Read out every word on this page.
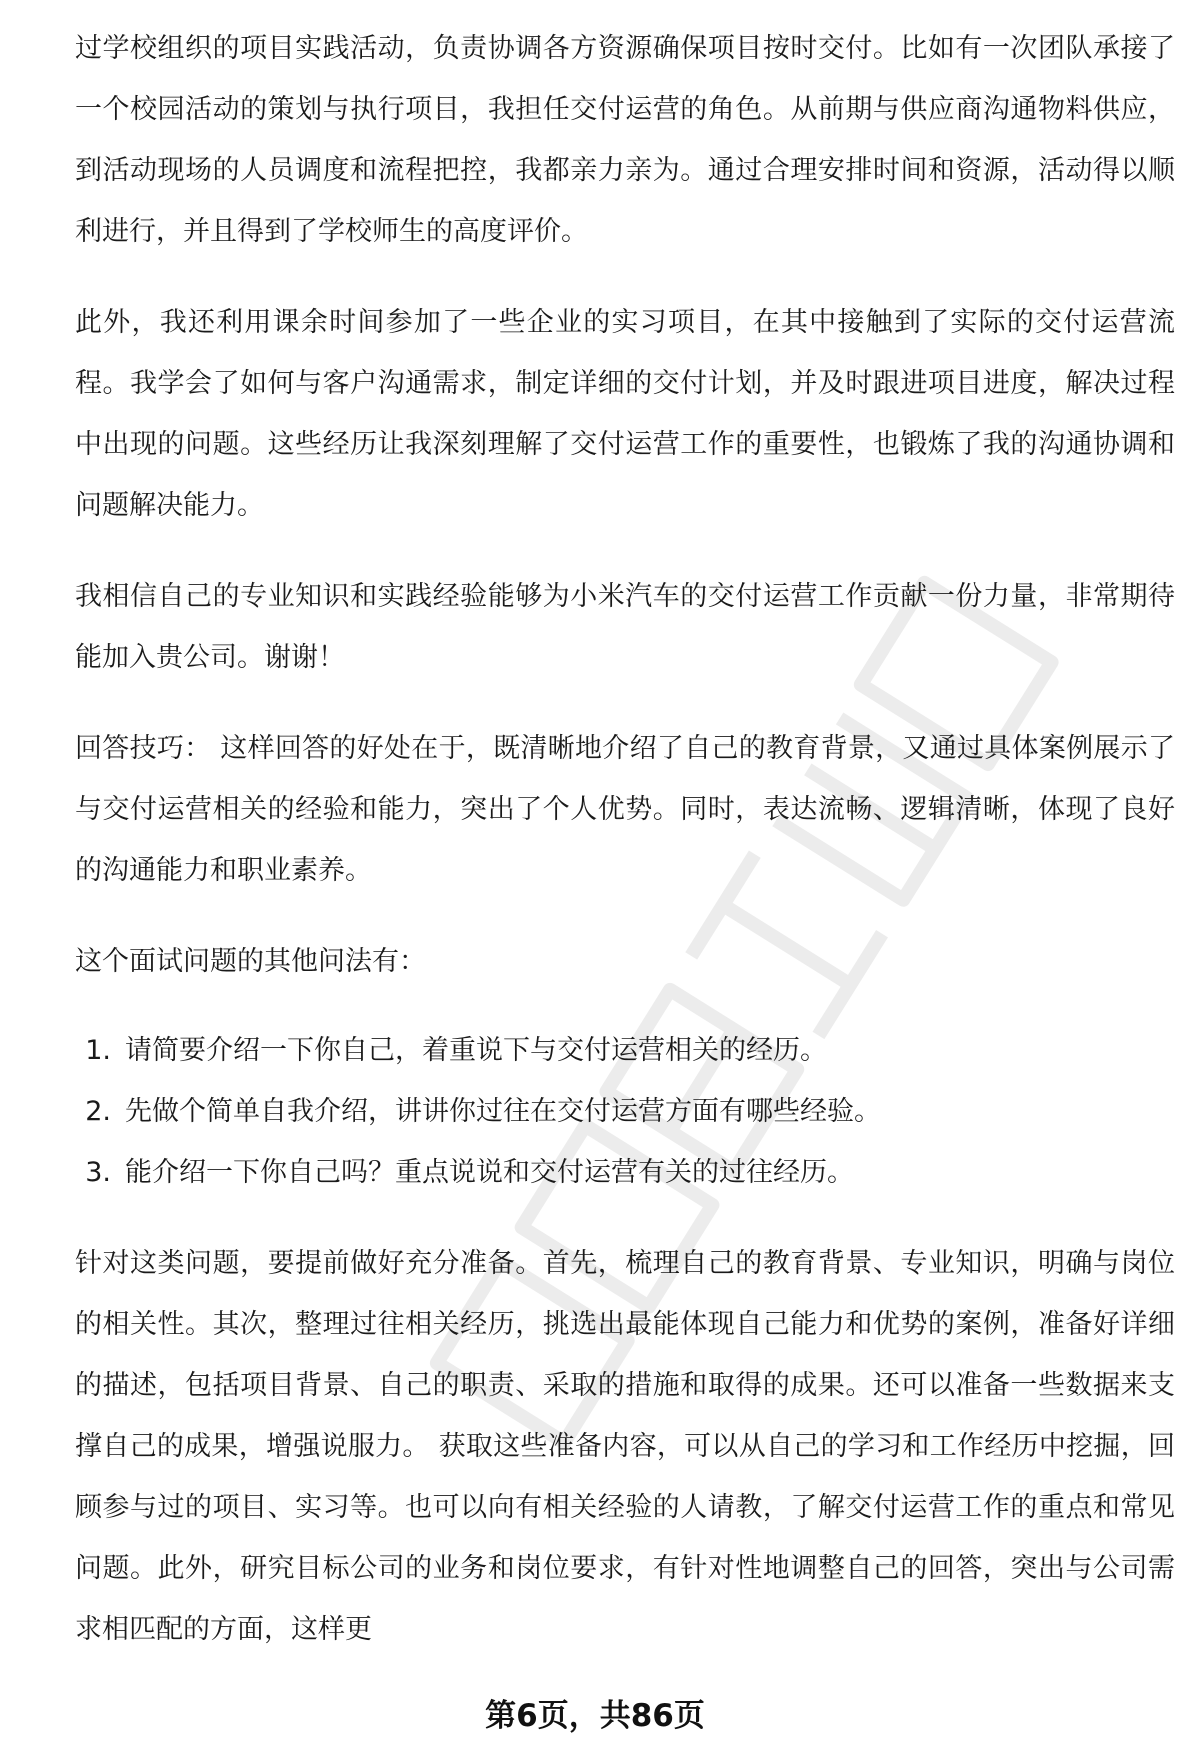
过学校组织的项目实践活动，负责协调各方资源确保项目按时交付。比如有一次团队承接了一个校园活动的策划与执行项目，我担任交付运营的角色。从前期与供应商沟通物料供应，到活动现场的人员调度和流程把控，我都亲力亲为。通过合理安排时间和资源，活动得以顺利进行，并且得到了学校师生的高度评价。

此外，我还利用课余时间参加了一些企业的实习项目，在其中接触到了实际的交付运营流程。我学会了如何与客户沟通需求，制定详细的交付计划，并及时跟进项目进度，解决过程中出现的问题。这些经历让我深刻理解了交付运营工作的重要性，也锻炼了我的沟通协调和问题解决能力。

我相信自己的专业知识和实践经验能够为小米汽车的交付运营工作贡献一份力量，非常期待能加入贵公司。谢谢！

回答技巧： 这样回答的好处在于，既清晰地介绍了自己的教育背景，又通过具体案例展示了与交付运营相关的经验和能力，突出了个人优势。同时，表达流畅、逻辑清晰，体现了良好的沟通能力和职业素养。

这个面试问题的其他问法有：

1. 请简要介绍一下你自己，着重说下与交付运营相关的经历。
2. 先做个简单自我介绍，讲讲你过往在交付运营方面有哪些经验。
3. 能介绍一下你自己吗？重点说说和交付运营有关的过往经历。

针对这类问题，要提前做好充分准备。首先，梳理自己的教育背景、专业知识，明确与岗位的相关性。其次，整理过往相关经历，挑选出最能体现自己能力和优势的案例，准备好详细的描述，包括项目背景、自己的职责、采取的措施和取得的成果。还可以准备一些数据来支撑自己的成果，增强说服力。 获取这些准备内容，可以从自己的学习和工作经历中挖掘，回顾参与过的项目、实习等。也可以向有相关经验的人请教，了解交付运营工作的重点和常见问题。此外，研究目标公司的业务和岗位要求，有针对性地调整自己的回答，突出与公司需求相匹配的方面，这样更

第6页，共86页
